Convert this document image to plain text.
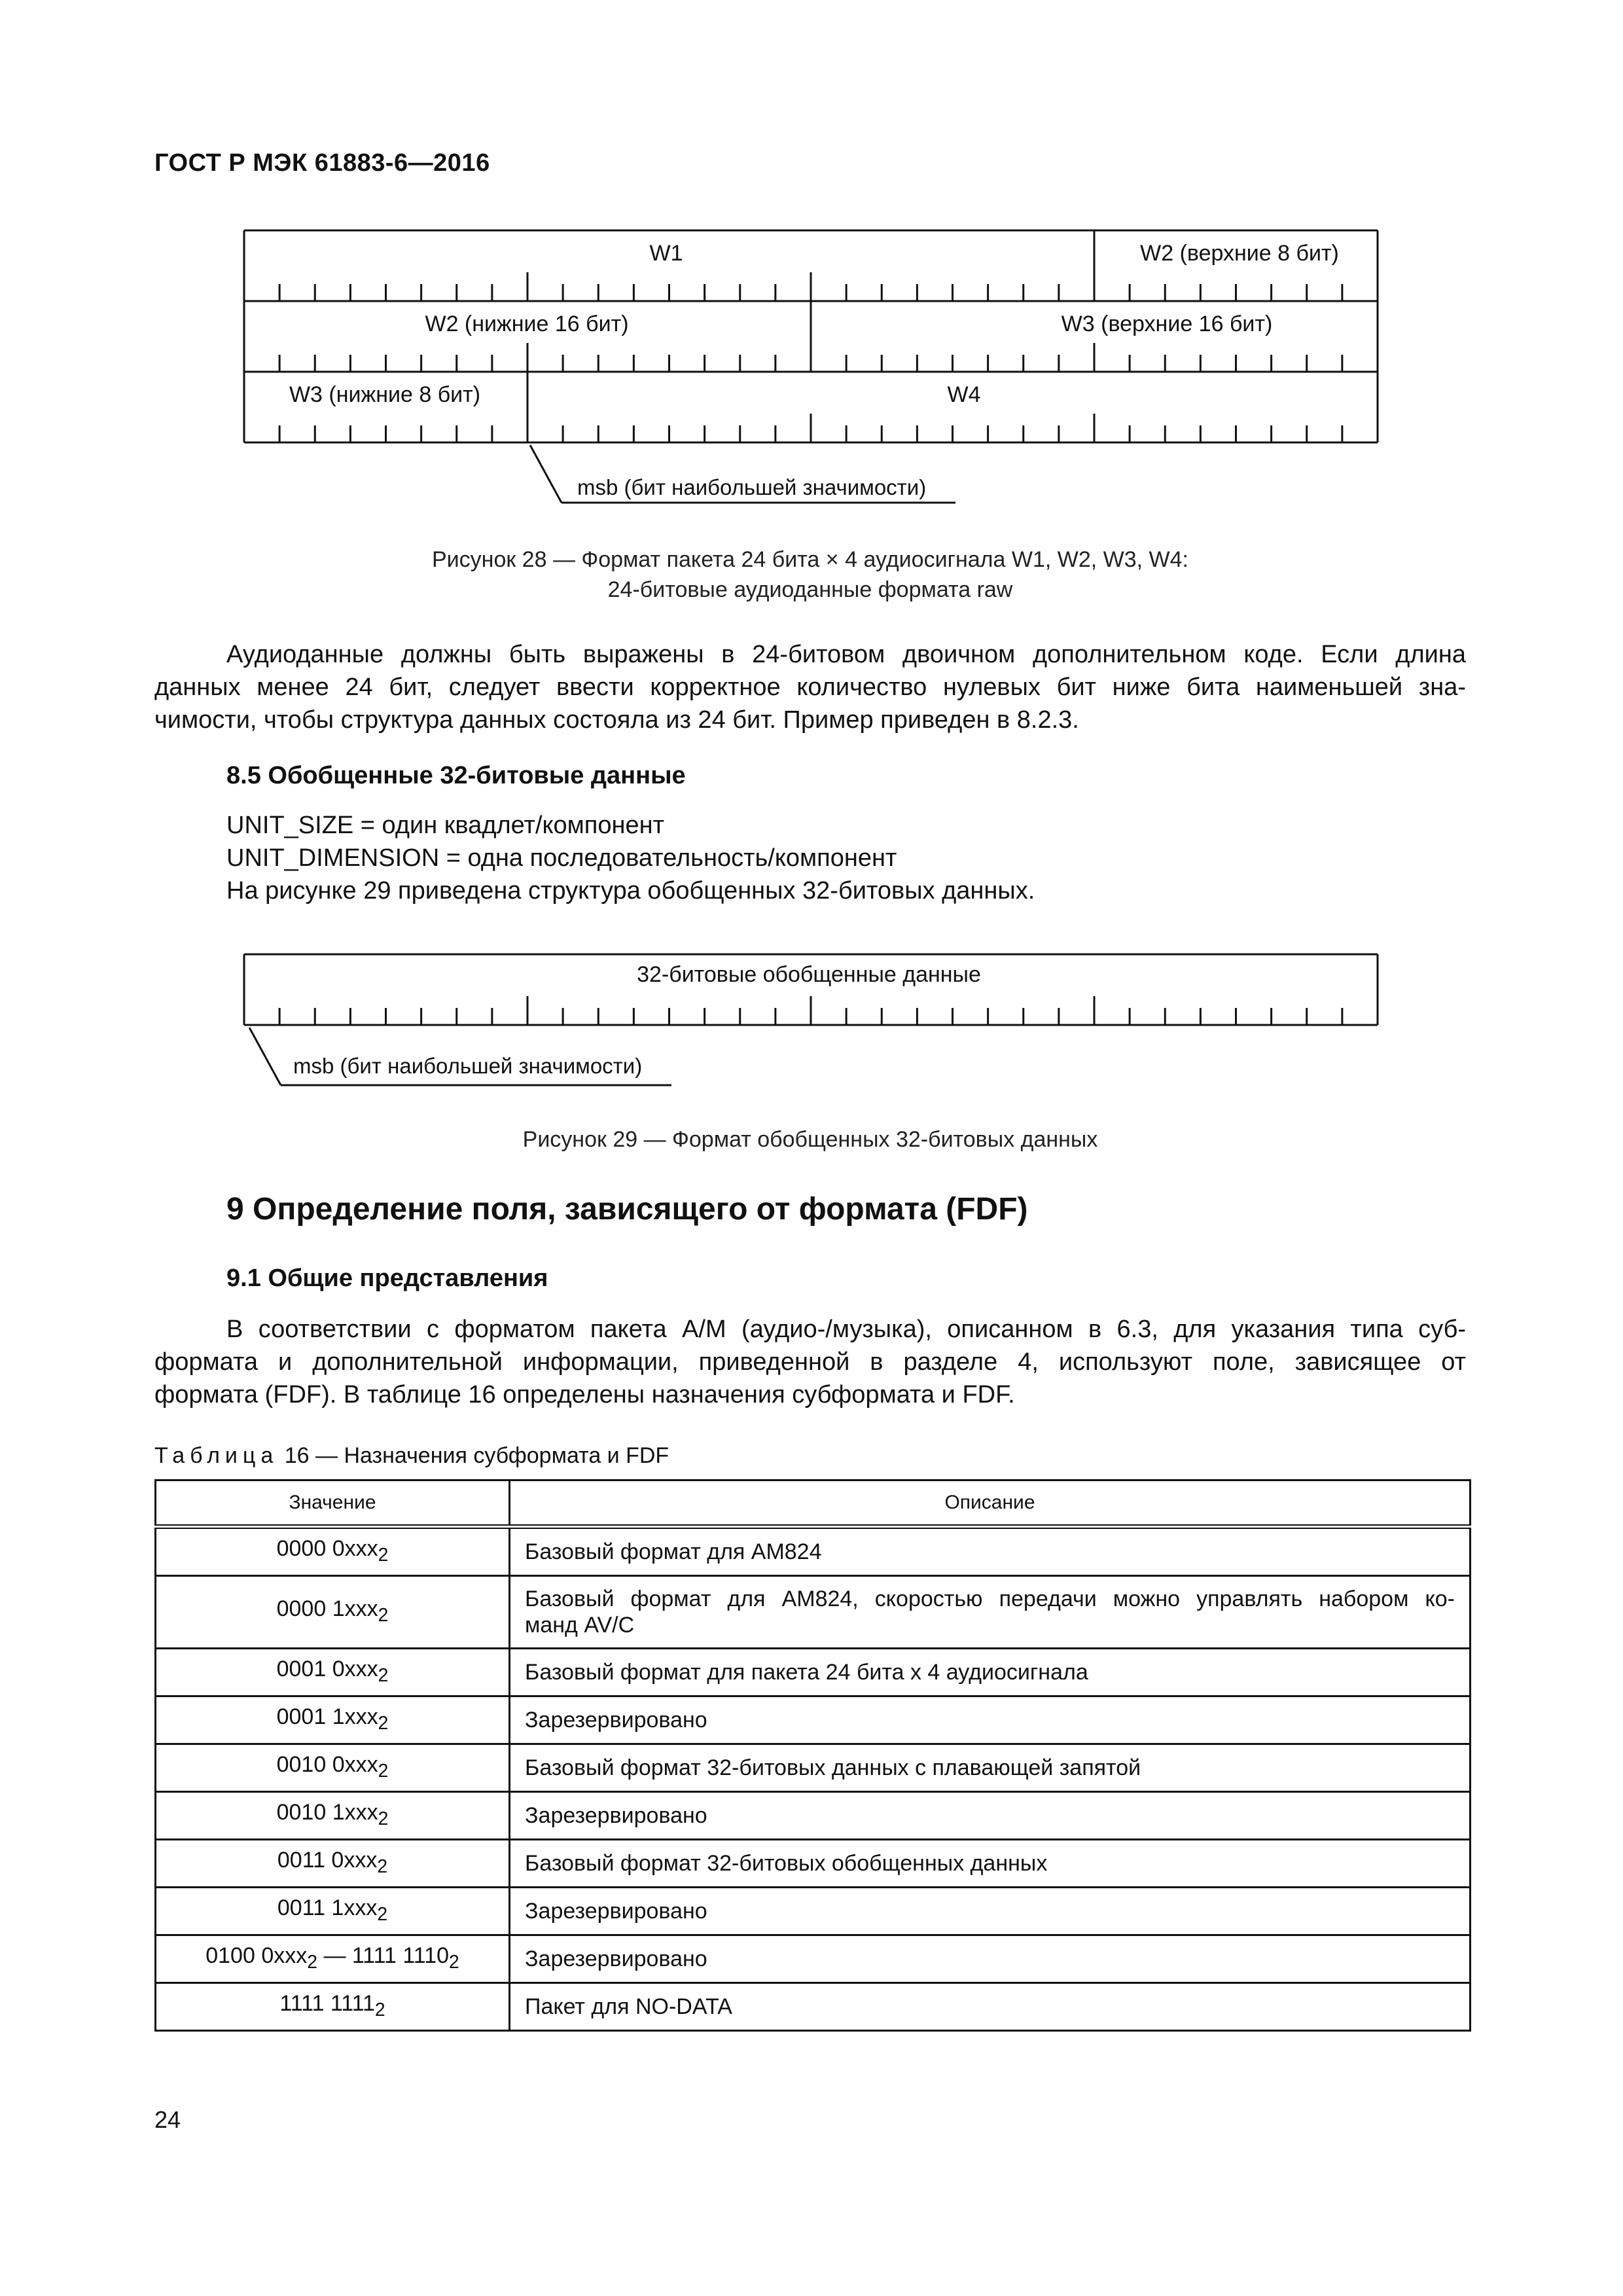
ГОСТ Р МЭК 61883-6—2016
W1	W2 (верхние 8 бит)
W2 (нижние 16 бит)	W3 (верхние 16 бит)
W3 (нижние 8 бит)	W4
msb (бит наибольшей значимости)
32-битовые обобщенные данные
msb (бит наибольшей значимости)
Рисунок 28 — Формат пакета 24 бита × 4 аудиосигнала W1, W2, W3, W4:
24-битовые аудиоданные формата raw
Аудиоданные должны быть выражены в 24-битовом двоичном дополнительном коде. Если длина
данных менее 24 бит, следует ввести корректное количество нулевых бит ниже бита наименьшей зна-
чимости, чтобы структура данных состояла из 24 бит. Пример приведен в 8.2.3.
8.5 Обобщенные 32-битовые данные
UNIT_SIZE = один квадлет/компонент
UNIT_DIMENSION = одна последовательность/компонент
На рисунке 29 приведена структура обобщенных 32-битовых данных.
Рисунок 29 — Формат обобщенных 32-битовых данных
9 Определение поля, зависящего от формата (FDF)
9.1 Общие представления
В соответствии с форматом пакета A/M (аудио-/музыка), описанном в 6.3, для указания типа суб-
формата и дополнительной информации, приведенной в разделе 4, используют поле, зависящее от
формата (FDF). В таблице 16 определены назначения субформата и FDF.
Таблица 16 — Назначения субформата и FDF
Значение	Описание
0000 0xxx$_2$	Базовый формат для AM824

0000 1xxx$_2$	Базовый формат для AM824, скоростью передачи можно управлять набором ко-
манд AV/C

0001 0xxx$_2$	Базовый формат для пакета 24 бита х 4 аудиосигнала

0001 1xxx$_2$	Зарезервировано

0010 0xxx$_2$	Базовый формат 32-битовых данных с плавающей запятой

0010 1xxx$_2$	Зарезервировано

0011 0xxx$_2$	Базовый формат 32-битовых обобщенных данных

0011 1xxx$_2$	Зарезервировано

0100 0xxx$_2$ — 1111 $1110_2$	Зарезервировано

1111 $1111_2$	Пакет для NO-DATA
24
